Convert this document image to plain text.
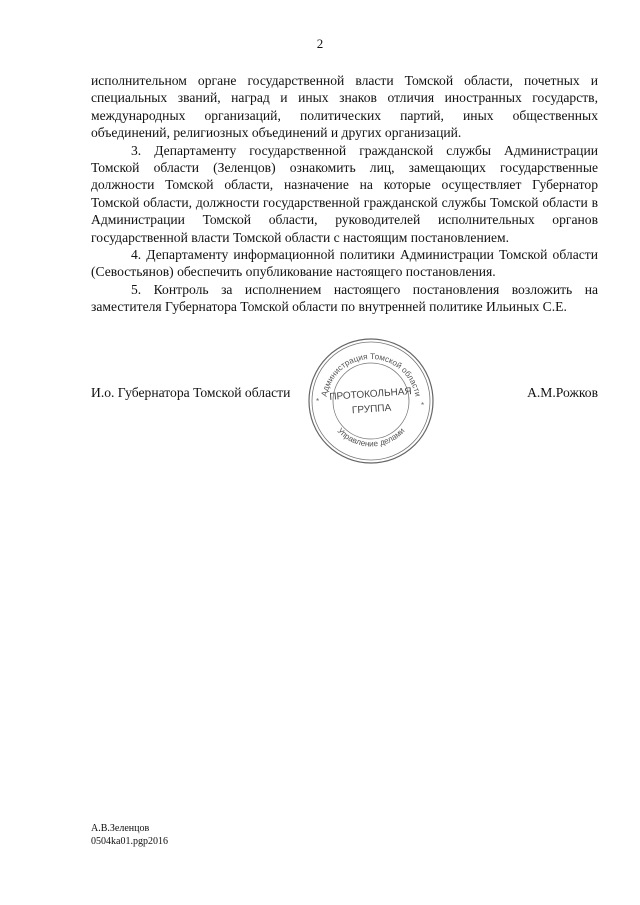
2

исполнительном органе государственной власти Томской области, почетных и специальных званий, наград и иных знаков отличия иностранных государств, международных организаций, политических партий, иных общественных объединений, религиозных объединений и других организаций.

3. Департаменту государственной гражданской службы Администрации Томской области (Зеленцов) ознакомить лиц, замещающих государственные должности Томской области, назначение на которые осуществляет Губернатор Томской области, должности государственной гражданской службы Томской области в Администрации Томской области, руководителей исполнительных органов государственной власти Томской области с настоящим постановлением.

4. Департаменту информационной политики Администрации Томской области (Севостьянов) обеспечить опубликование настоящего постановления.

5. Контроль за исполнением настоящего постановления возложить на заместителя Губернатора Томской области по внутренней политике Ильиных С.Е.

И.о. Губернатора Томской области	А.М.Рожков
Администрация Томской области
Управление делами
*	*
ПРОТОКОЛЬНАЯ
ГРУППА
А.В.Зеленцов
0504ka01.pgp2016
